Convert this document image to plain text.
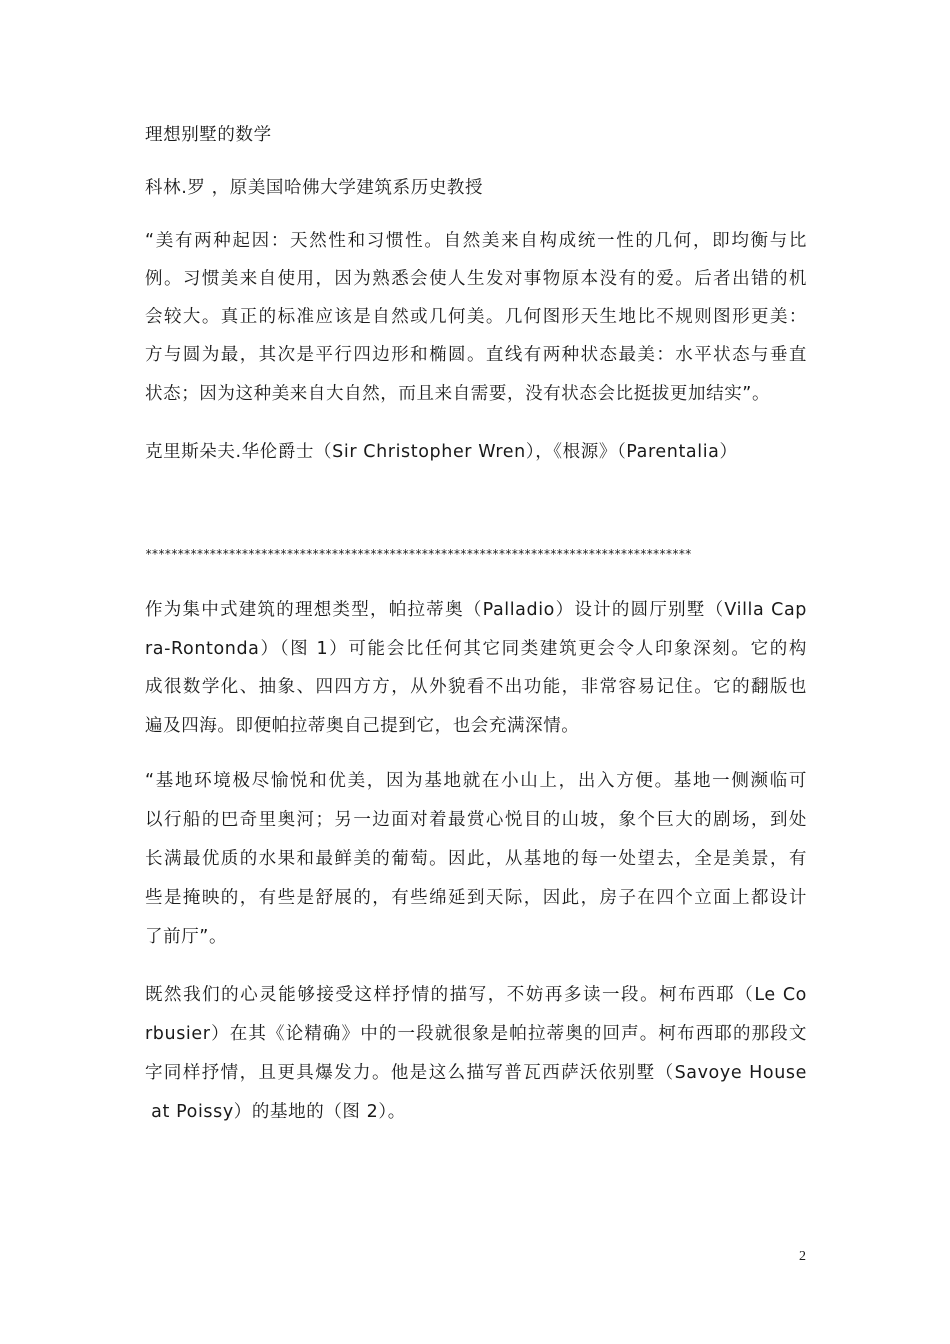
理想别墅的数学
科林.罗 ，原美国哈佛大学建筑系历史教授
“美有两种起因：天然性和习惯性。自然美来自构成统一性的几何，即均衡与比
例。习惯美来自使用，因为熟悉会使人生发对事物原本没有的爱。后者出错的机
会较大。真正的标准应该是自然或几何美。几何图形天生地比不规则图形更美：
方与圆为最，其次是平行四边形和椭圆。直线有两种状态最美：水平状态与垂直
状态；因为这种美来自大自然，而且来自需要，没有状态会比挺拔更加结实”。
克里斯朵夫.华伦爵士（Sir Christopher Wren），《根源》（Parentalia）
*************************************************************************************
作为集中式建筑的理想类型，帕拉蒂奥（Palladio）设计的圆厅别墅（Villa Cap
ra-Rontonda）（图 1）可能会比任何其它同类建筑更会令人印象深刻。它的构
成很数学化、抽象、四四方方，从外貌看不出功能，非常容易记住。它的翻版也
遍及四海。即便帕拉蒂奥自己提到它，也会充满深情。
“基地环境极尽愉悦和优美，因为基地就在小山上，出入方便。基地一侧濒临可
以行船的巴奇里奥河；另一边面对着最赏心悦目的山坡，象个巨大的剧场，到处
长满最优质的水果和最鲜美的葡萄。因此，从基地的每一处望去，全是美景，有
些是掩映的，有些是舒展的，有些绵延到天际，因此，房子在四个立面上都设计
了前厅”。
既然我们的心灵能够接受这样抒情的描写，不妨再多读一段。柯布西耶（Le Co
rbusier）在其《论精确》中的一段就很象是帕拉蒂奥的回声。柯布西耶的那段文
字同样抒情，且更具爆发力。他是这么描写普瓦西萨沃依别墅（Savoye House
at Poissy）的基地的（图 2）。
2
